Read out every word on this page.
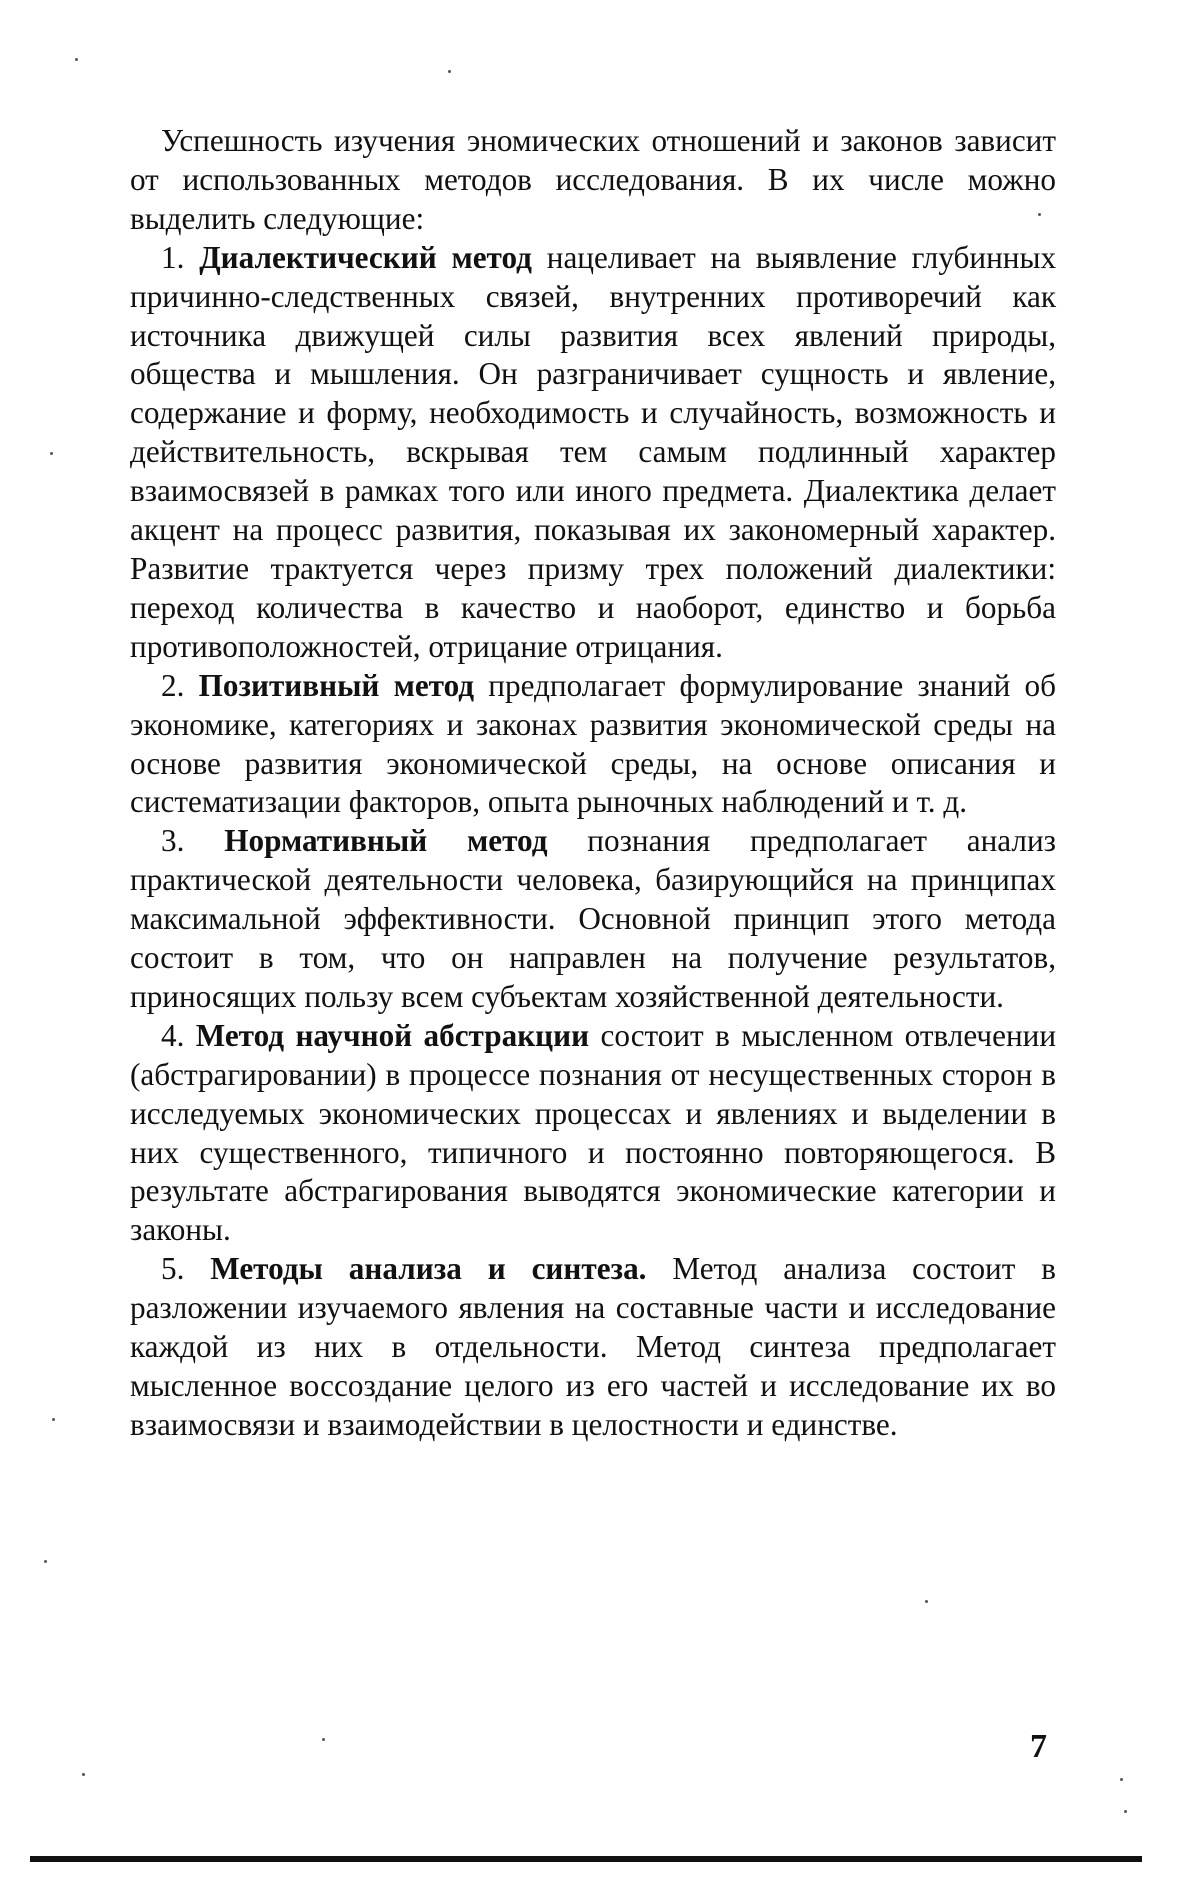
Успешность изучения эномических отношений и законов зависит от использованных методов исследования. В их числе можно выделить следующие:

1. Диалектический метод нацеливает на выявление глубинных причинно-следственных связей, внутренних противоречий как источника движущей силы развития всех явлений природы, общества и мышления. Он разграничивает сущность и явление, содержание и форму, необходимость и случайность, возможность и действительность, вскрывая тем самым подлинный характер взаимосвязей в рамках того или иного предмета. Диалектика делает акцент на процесс развития, показывая их закономерный характер. Развитие трактуется через призму трех положений диалектики: переход количества в качество и наоборот, единство и борьба противоположностей, отрицание отрицания.

2. Позитивный метод предполагает формулирование знаний об экономике, категориях и законах развития экономической среды на основе развития экономической среды, на основе описания и систематизации факторов, опыта рыночных наблюдений и т. д.

3. Нормативный метод познания предполагает анализ практической деятельности человека, базирующийся на принципах максимальной эффективности. Основной принцип этого метода состоит в том, что он направлен на получение результатов, приносящих пользу всем субъектам хозяйственной деятельности.

4. Метод научной абстракции состоит в мысленном отвлечении (абстрагировании) в процессе познания от несущественных сторон в исследуемых экономических процессах и явлениях и выделении в них существенного, типичного и постоянно повторяющегося. В результате абстрагирования выводятся экономические категории и законы.

5. Методы анализа и синтеза. Метод анализа состоит в разложении изучаемого явления на составные части и исследование каждой из них в отдельности. Метод синтеза предполагает мысленное воссоздание целого из его частей и исследование их во взаимосвязи и взаимодействии в целостности и единстве.

7
